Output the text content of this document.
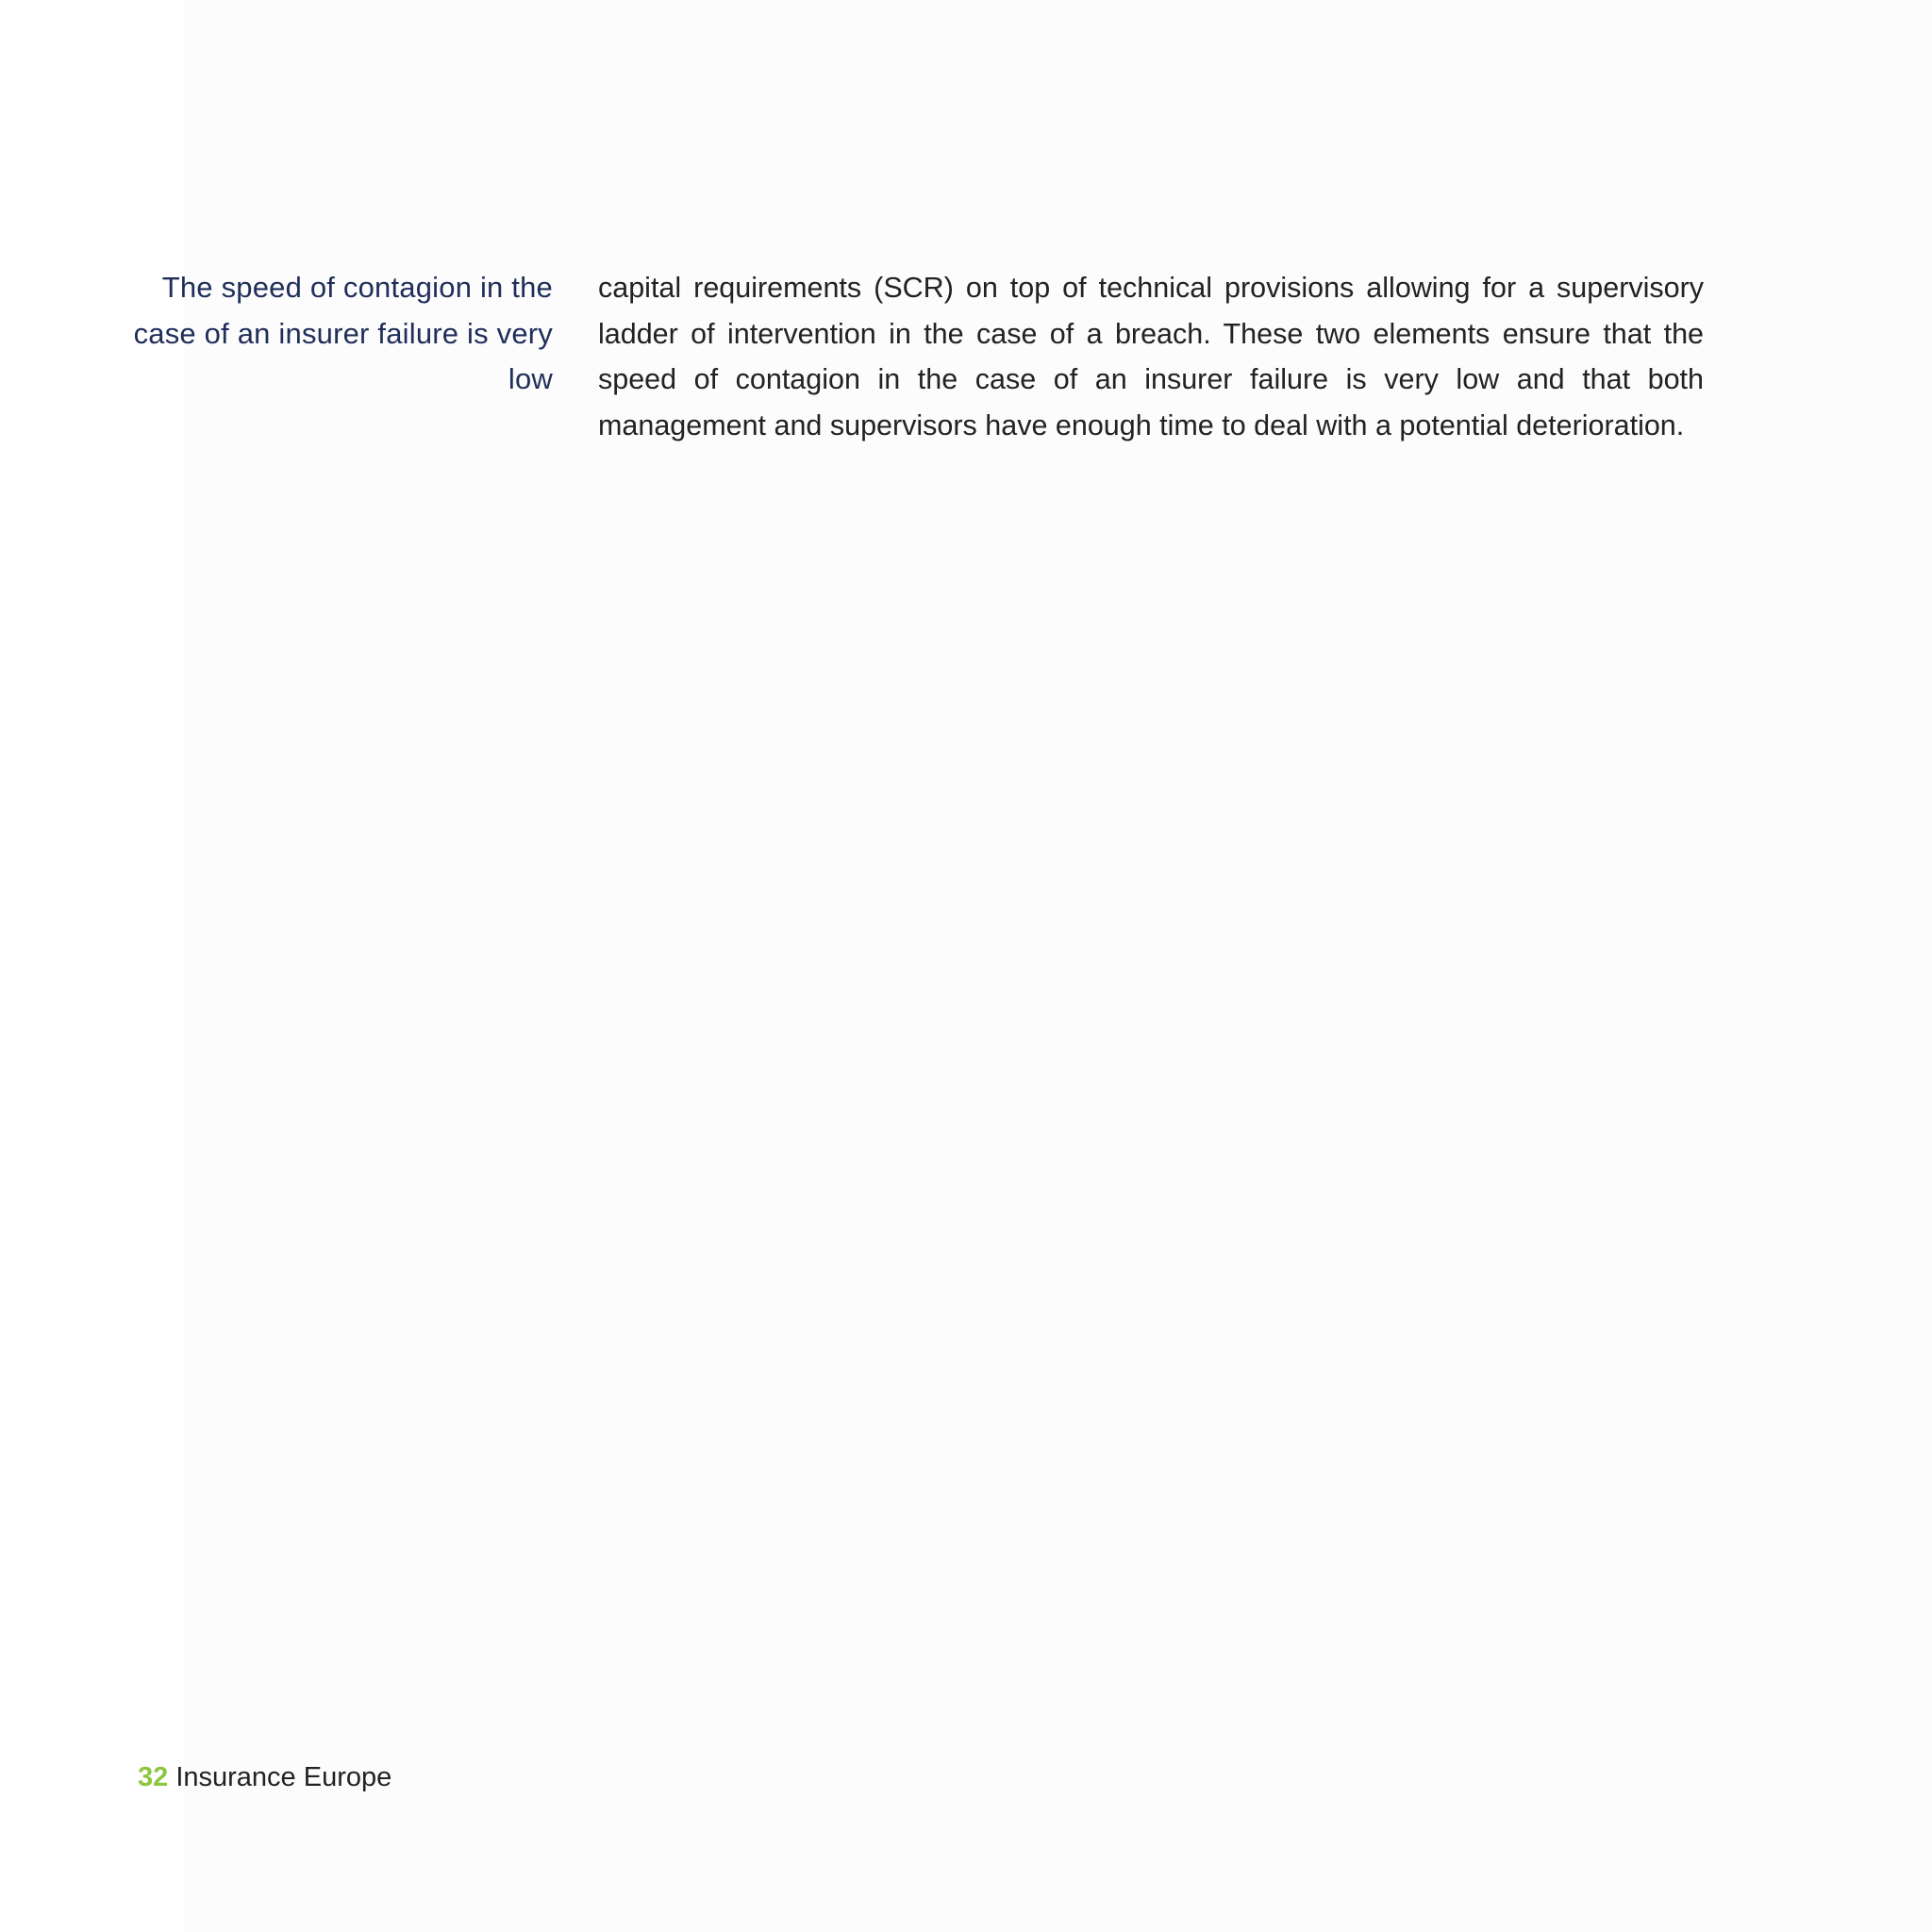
The speed of contagion in the case of an insurer failure is very low
capital requirements (SCR) on top of technical provisions allowing for a supervisory ladder of intervention in the case of a breach. These two elements ensure that the speed of contagion in the case of an insurer failure is very low and that both management and supervisors have enough time to deal with a potential deterioration.
32 Insurance Europe
